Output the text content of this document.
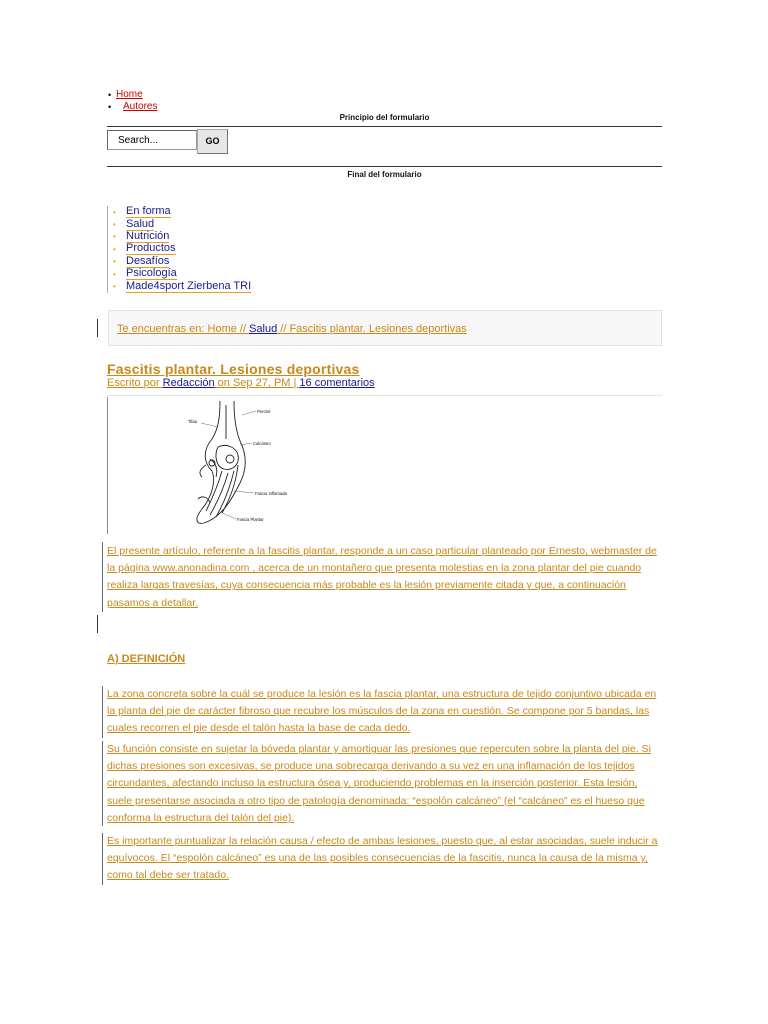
• Home
•	Autores
Principio del formulario
Search...	GO
Final del formulario
• En forma
• Salud
• Nutrición
• Productos
• Desafíos
• Psicología
• Made4sport Zierbena TRI
Te encuentras en: Home // Salud // Fascitis plantar. Lesiones deportivas
Fascitis plantar. Lesiones deportivas
Escrito por Redacción on Sep 27, PM | 16 comentarios
Tibia
Peroné
Calcáneo
Fascia Inflamada
Fascia Plantar
El presente artículo, referente a la fascitis plantar, responde a un caso particular planteado por Ernesto, webmaster de la página www.anonadina.com , acerca de un montañero que presenta molestias en la zona plantar del pie cuando realiza largas travesías, cuya consecuencia más probable es la lesión previamente citada y que, a continuación pasamos a detallar.
A) DEFINICIÓN
La zona concreta sobre la cuál se produce la lesión es la fascia plantar, una estructura de tejido conjuntivo ubicada en la planta del pie de carácter fibroso que recubre los músculos de la zona en cuestión. Se compone por 5 bandas, las cuales recorren el pie desde el talón hasta la base de cada dedo.
Su función consiste en sujetar la bóveda plantar y amortiguar las presiones que repercuten sobre la planta del pie. Si dichas presiones son excesivas, se produce una sobrecarga derivando a su vez en una inflamación de los tejidos circundantes, afectando incluso la estructura ósea y, produciendo problemas en la inserción posterior. Esta lesión, suele presentarse asociada a otro tipo de patología denominada: “espolón calcáneo” (el “calcáneo” es el hueso que conforma la estructura del talón del pie).
Es importante puntualizar la relación causa / efecto de ambas lesiones, puesto que, al estar asociadas, suele inducir a equívocos. El “espolón calcáneo” es una de las posibles consecuencias de la fascitis, nunca la causa de la misma y, como tal debe ser tratado.
